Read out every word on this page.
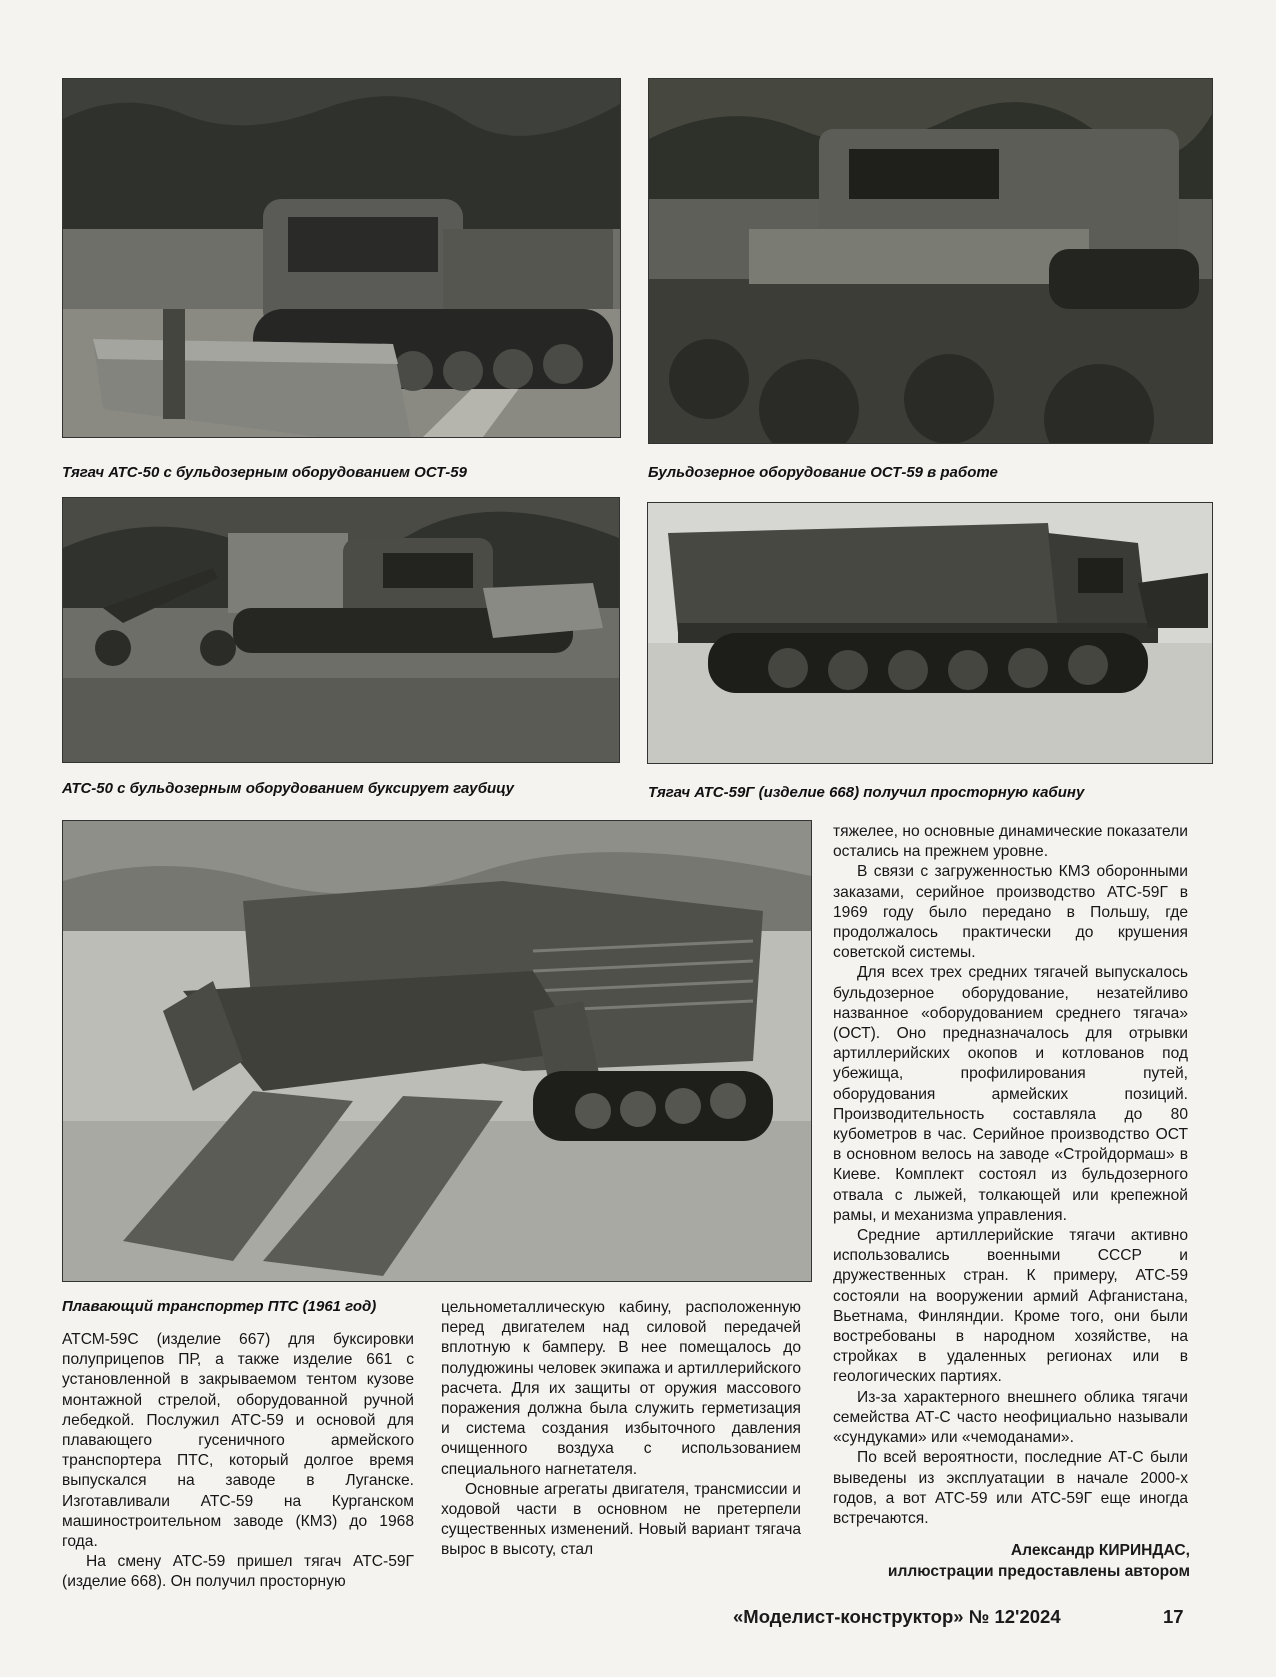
Тягач АТС-50 с бульдозерным оборудованием ОСТ-59	Бульдозерное оборудование ОСТ-59 в работе
АТС-50 с бульдозерным оборудованием буксирует гаубицу	Тягач АТС-59Г (изделие 668) получил просторную кабину
Плавающий транспортер ПТС (1961 год)

АТСМ-59С (изделие 667) для буксировки полуприцепов ПР, а также изделие 661 с установленной в закрываемом тентом кузове монтажной стрелой, оборудованной ручной лебедкой. Послужил АТС-59 и основой для плавающего гусеничного армейского транспортера ПТС, который долгое время выпускался на заводе в Луганске. Изготавливали АТС-59 на Курганском машиностроительном заводе (КМЗ) до 1968 года.

На смену АТС-59 пришел тягач АТС-59Г (изделие 668). Он получил просторную

цельнометаллическую кабину, расположенную перед двигателем над силовой передачей вплотную к бамперу. В нее помещалось до полудюжины человек экипажа и артиллерийского расчета. Для их защиты от оружия массового поражения должна была служить герметизация и система создания избыточного давления очищенного воздуха с использованием специального нагнетателя.

Основные агрегаты двигателя, трансмиссии и ходовой части в основном не претерпели существенных изменений. Новый вариант тягача вырос в высоту, стал

тяжелее, но основные динамические показатели остались на прежнем уровне.

В связи с загруженностью КМЗ оборонными заказами, серийное производство АТС-59Г в 1969 году было передано в Польшу, где продолжалось практически до крушения советской системы.

Для всех трех средних тягачей выпускалось бульдозерное оборудование, незатейливо названное «оборудованием среднего тягача» (ОСТ). Оно предназначалось для отрывки артиллерийских окопов и котлованов под убежища, профилирования путей, оборудования армейских позиций. Производительность составляла до 80 кубометров в час. Серийное производство ОСТ в основном велось на заводе «Стройдормаш» в Киеве. Комплект состоял из бульдозерного отвала с лыжей, толкающей или крепежной рамы, и механизма управления.

Средние артиллерийские тягачи активно использовались военными СССР и дружественных стран. К примеру, АТС-59 состояли на вооружении армий Афганистана, Вьетнама, Финляндии. Кроме того, они были востребованы в народном хозяйстве, на стройках в удаленных регионах или в геологических партиях.

Из-за характерного внешнего облика тягачи семейства АТ-С часто неофициально называли «сундуками» или «чемоданами».

По всей вероятности, последние АТ-С были выведены из эксплуатации в начале 2000-х годов, а вот АТС-59 или АТС-59Г еще иногда встречаются.

Александр КИРИНДАС,
иллюстрации предоставлены автором
«Моделист-конструктор» № 12'2024	17
